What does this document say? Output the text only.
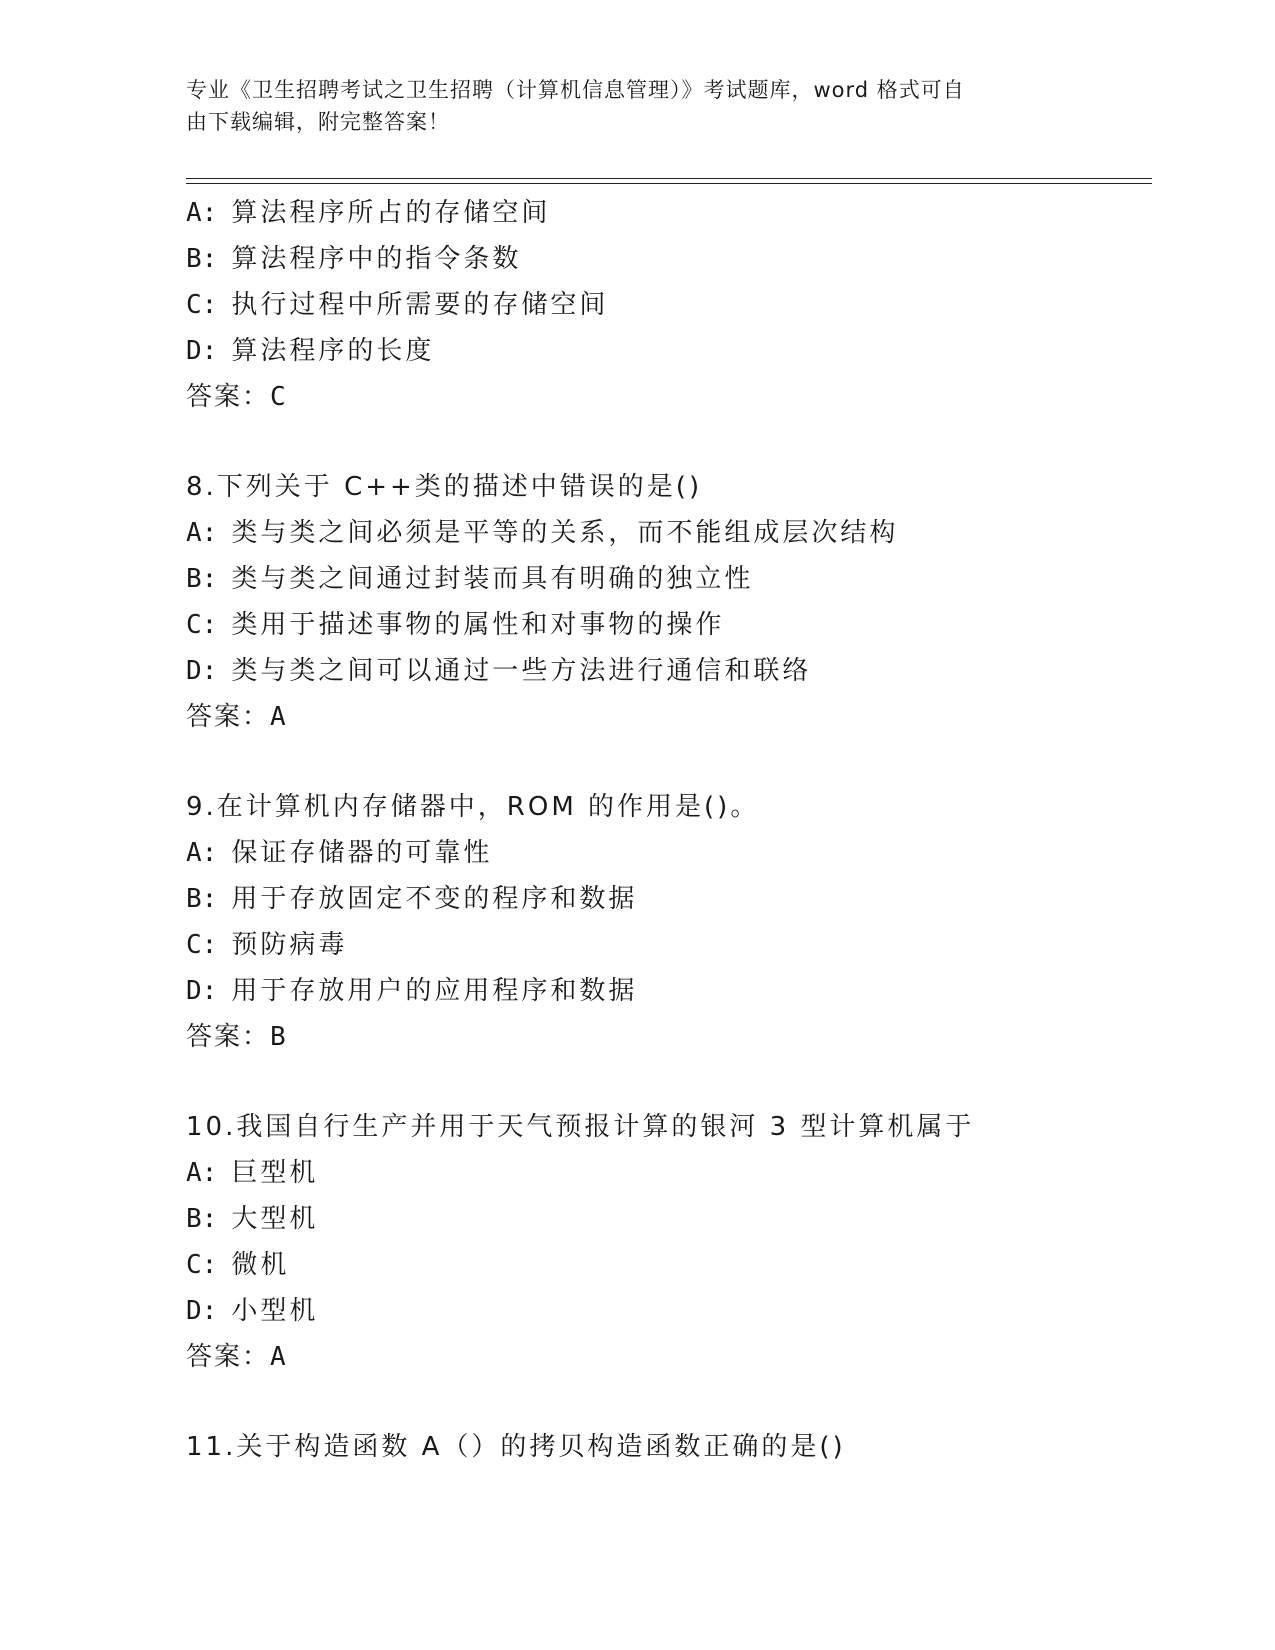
专业《卫生招聘考试之卫生招聘（计算机信息管理）》考试题库，word 格式可自
由下载编辑，附完整答案！
A: 算法程序所占的存储空间
B: 算法程序中的指令条数
C: 执行过程中所需要的存储空间
D: 算法程序的长度
答案：C
8.下列关于 C++类的描述中错误的是()
A: 类与类之间必须是平等的关系，而不能组成层次结构
B: 类与类之间通过封装而具有明确的独立性
C: 类用于描述事物的属性和对事物的操作
D: 类与类之间可以通过一些方法进行通信和联络
答案：A
9.在计算机内存储器中，ROM 的作用是()。
A: 保证存储器的可靠性
B: 用于存放固定不变的程序和数据
C: 预防病毒
D: 用于存放用户的应用程序和数据
答案：B
10.我国自行生产并用于天气预报计算的银河 3 型计算机属于
A: 巨型机
B: 大型机
C: 微机
D: 小型机
答案：A
11.关于构造函数 A（）的拷贝构造函数正确的是()
